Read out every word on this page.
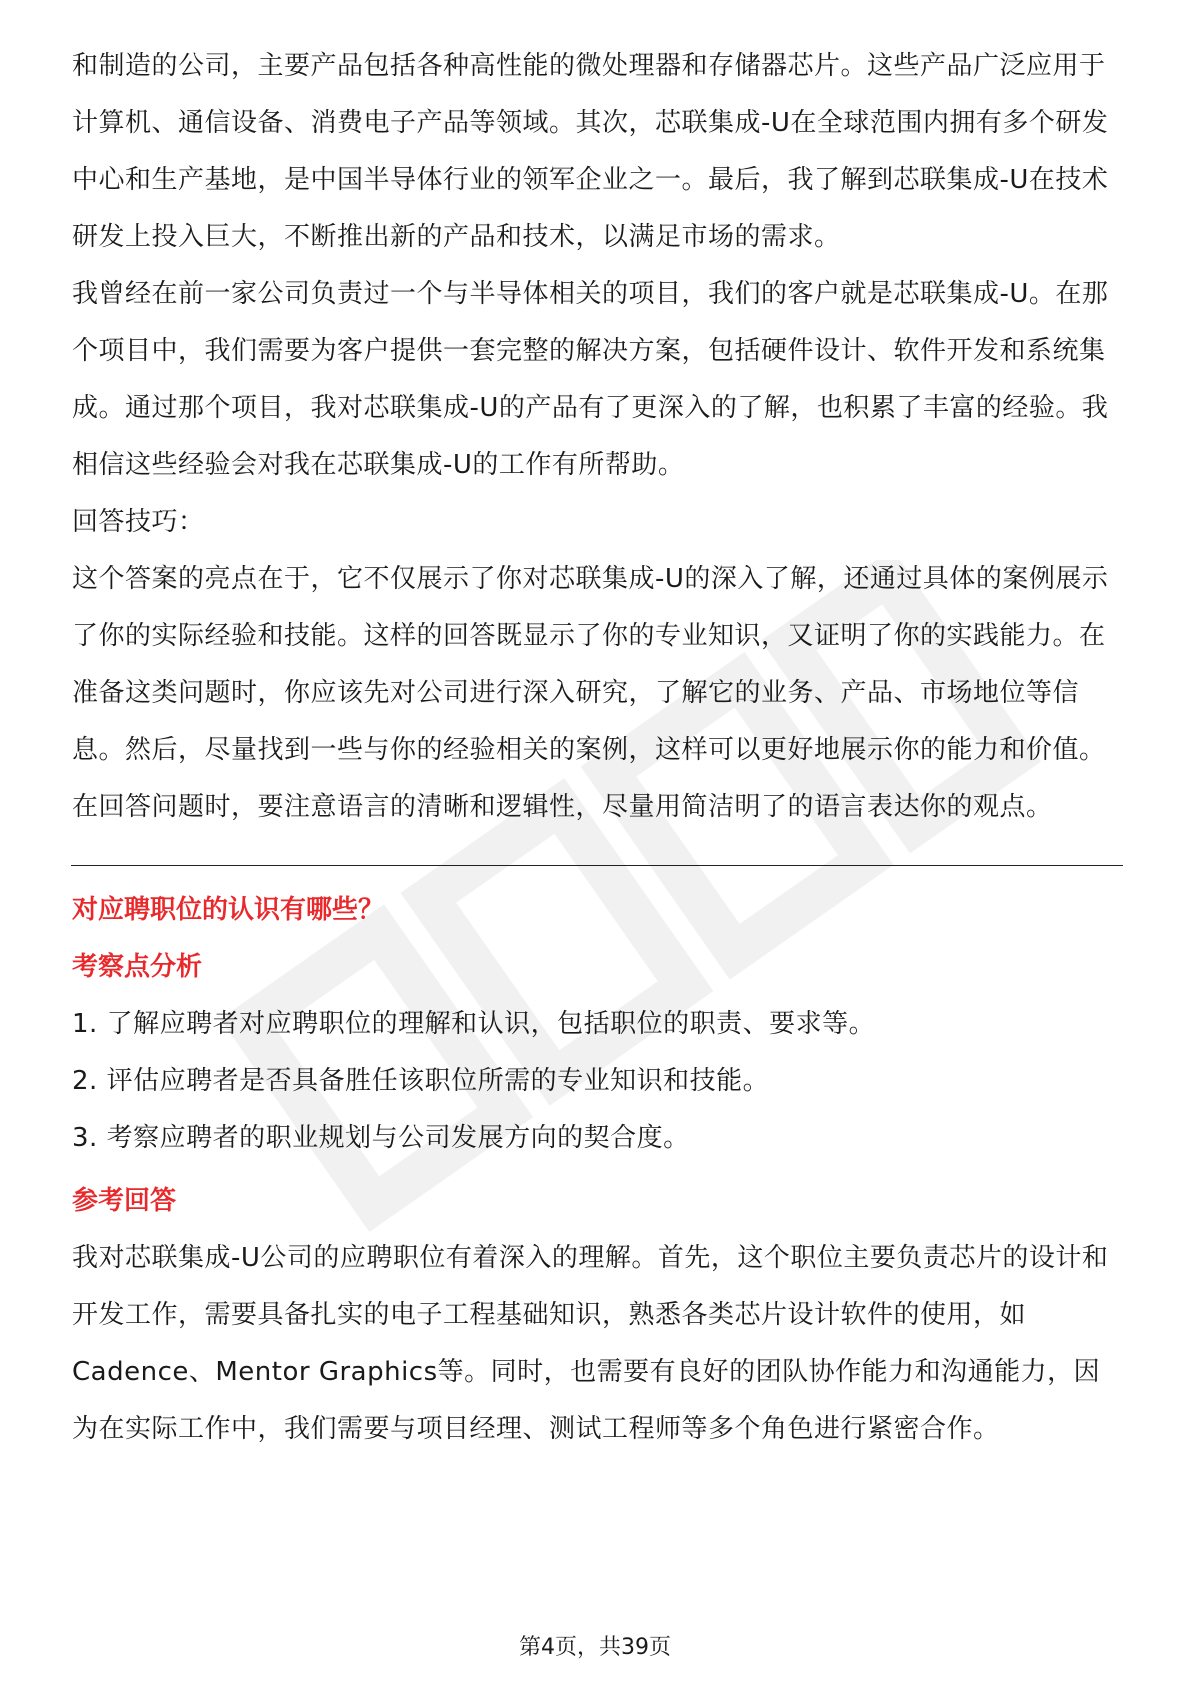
和制造的公司，主要产品包括各种高性能的微处理器和存储器芯片。这些产品广泛应用于计算机、通信设备、消费电子产品等领域。其次，芯联集成-U在全球范围内拥有多个研发中心和生产基地，是中国半导体行业的领军企业之一。最后，我了解到芯联集成-U在技术研发上投入巨大，不断推出新的产品和技术，以满足市场的需求。

我曾经在前一家公司负责过一个与半导体相关的项目，我们的客户就是芯联集成-U。在那个项目中，我们需要为客户提供一套完整的解决方案，包括硬件设计、软件开发和系统集成。通过那个项目，我对芯联集成-U的产品有了更深入的了解，也积累了丰富的经验。我相信这些经验会对我在芯联集成-U的工作有所帮助。

回答技巧：

这个答案的亮点在于，它不仅展示了你对芯联集成-U的深入了解，还通过具体的案例展示了你的实际经验和技能。这样的回答既显示了你的专业知识，又证明了你的实践能力。在准备这类问题时，你应该先对公司进行深入研究，了解它的业务、产品、市场地位等信息。然后，尽量找到一些与你的经验相关的案例，这样可以更好地展示你的能力和价值。在回答问题时，要注意语言的清晰和逻辑性，尽量用简洁明了的语言表达你的观点。

对应聘职位的认识有哪些？

考察点分析

1. 了解应聘者对应聘职位的理解和认识，包括职位的职责、要求等。

2. 评估应聘者是否具备胜任该职位所需的专业知识和技能。

3. 考察应聘者的职业规划与公司发展方向的契合度。

参考回答

我对芯联集成-U公司的应聘职位有着深入的理解。首先，这个职位主要负责芯片的设计和开发工作，需要具备扎实的电子工程基础知识，熟悉各类芯片设计软件的使用，如Cadence、Mentor Graphics等。同时，也需要有良好的团队协作能力和沟通能力，因为在实际工作中，我们需要与项目经理、测试工程师等多个角色进行紧密合作。

第4页，共39页
